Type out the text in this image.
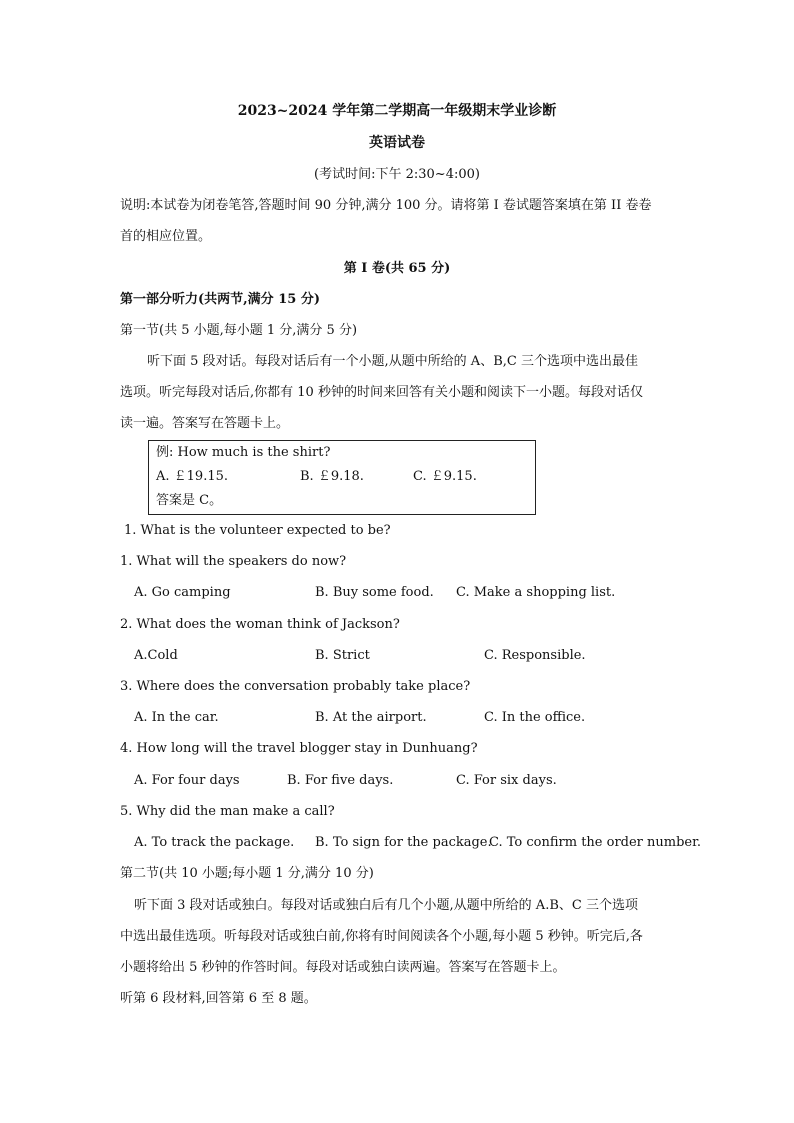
2023~2024 学年第二学期高一年级期末学业诊断
英语试卷
(考试时间:下午 2:30~4:00)
说明:本试卷为闭卷笔答,答题时间 90 分钟,满分 100 分。请将第 I 卷试题答案填在第 II 卷卷
首的相应位置。
第 I 卷(共 65 分)
第一部分听力(共两节,满分 15 分)
第一节(共 5 小题,每小题 1 分,满分 5 分)
听下面 5 段对话。每段对话后有一个小题,从题中所给的 A、B,C 三个选项中选出最佳
选项。听完每段对话后,你都有 10 秒钟的时间来回答有关小题和阅读下一小题。每段对话仅
读一遍。答案写在答题卡上。
例: How much is the shirt?
A. ￡19.15.	B. ￡9.18.	C. ￡9.15.
答案是 C。
1. What is the volunteer expected to be?
1. What will the speakers do now?
A. Go camping	B. Buy some food. C. Make a shopping list.
2. What does the woman think of Jackson?
A.Cold	B. Strict	C. Responsible.
3. Where does the conversation probably take place?
A. In the car.	B. At the airport.	C. In the office.
4. How long will the travel blogger stay in Dunhuang?
A. For four days	B. For five days.	C. For six days.
5. Why did the man make a call?
A. To track the package. B. To sign for the package.
C. To confirm the order number.
第二节(共 10 小题;每小题 1 分,满分 10 分)
听下面 3 段对话或独白。每段对话或独白后有几个小题,从题中所给的 A.B、C 三个选项
中选出最佳选项。听每段对话或独白前,你将有时间阅读各个小题,每小题 5 秒钟。听完后,各
小题将给出 5 秒钟的作答时间。每段对话或独白读两遍。答案写在答题卡上。
听第 6 段材料,回答第 6 至 8 题。
